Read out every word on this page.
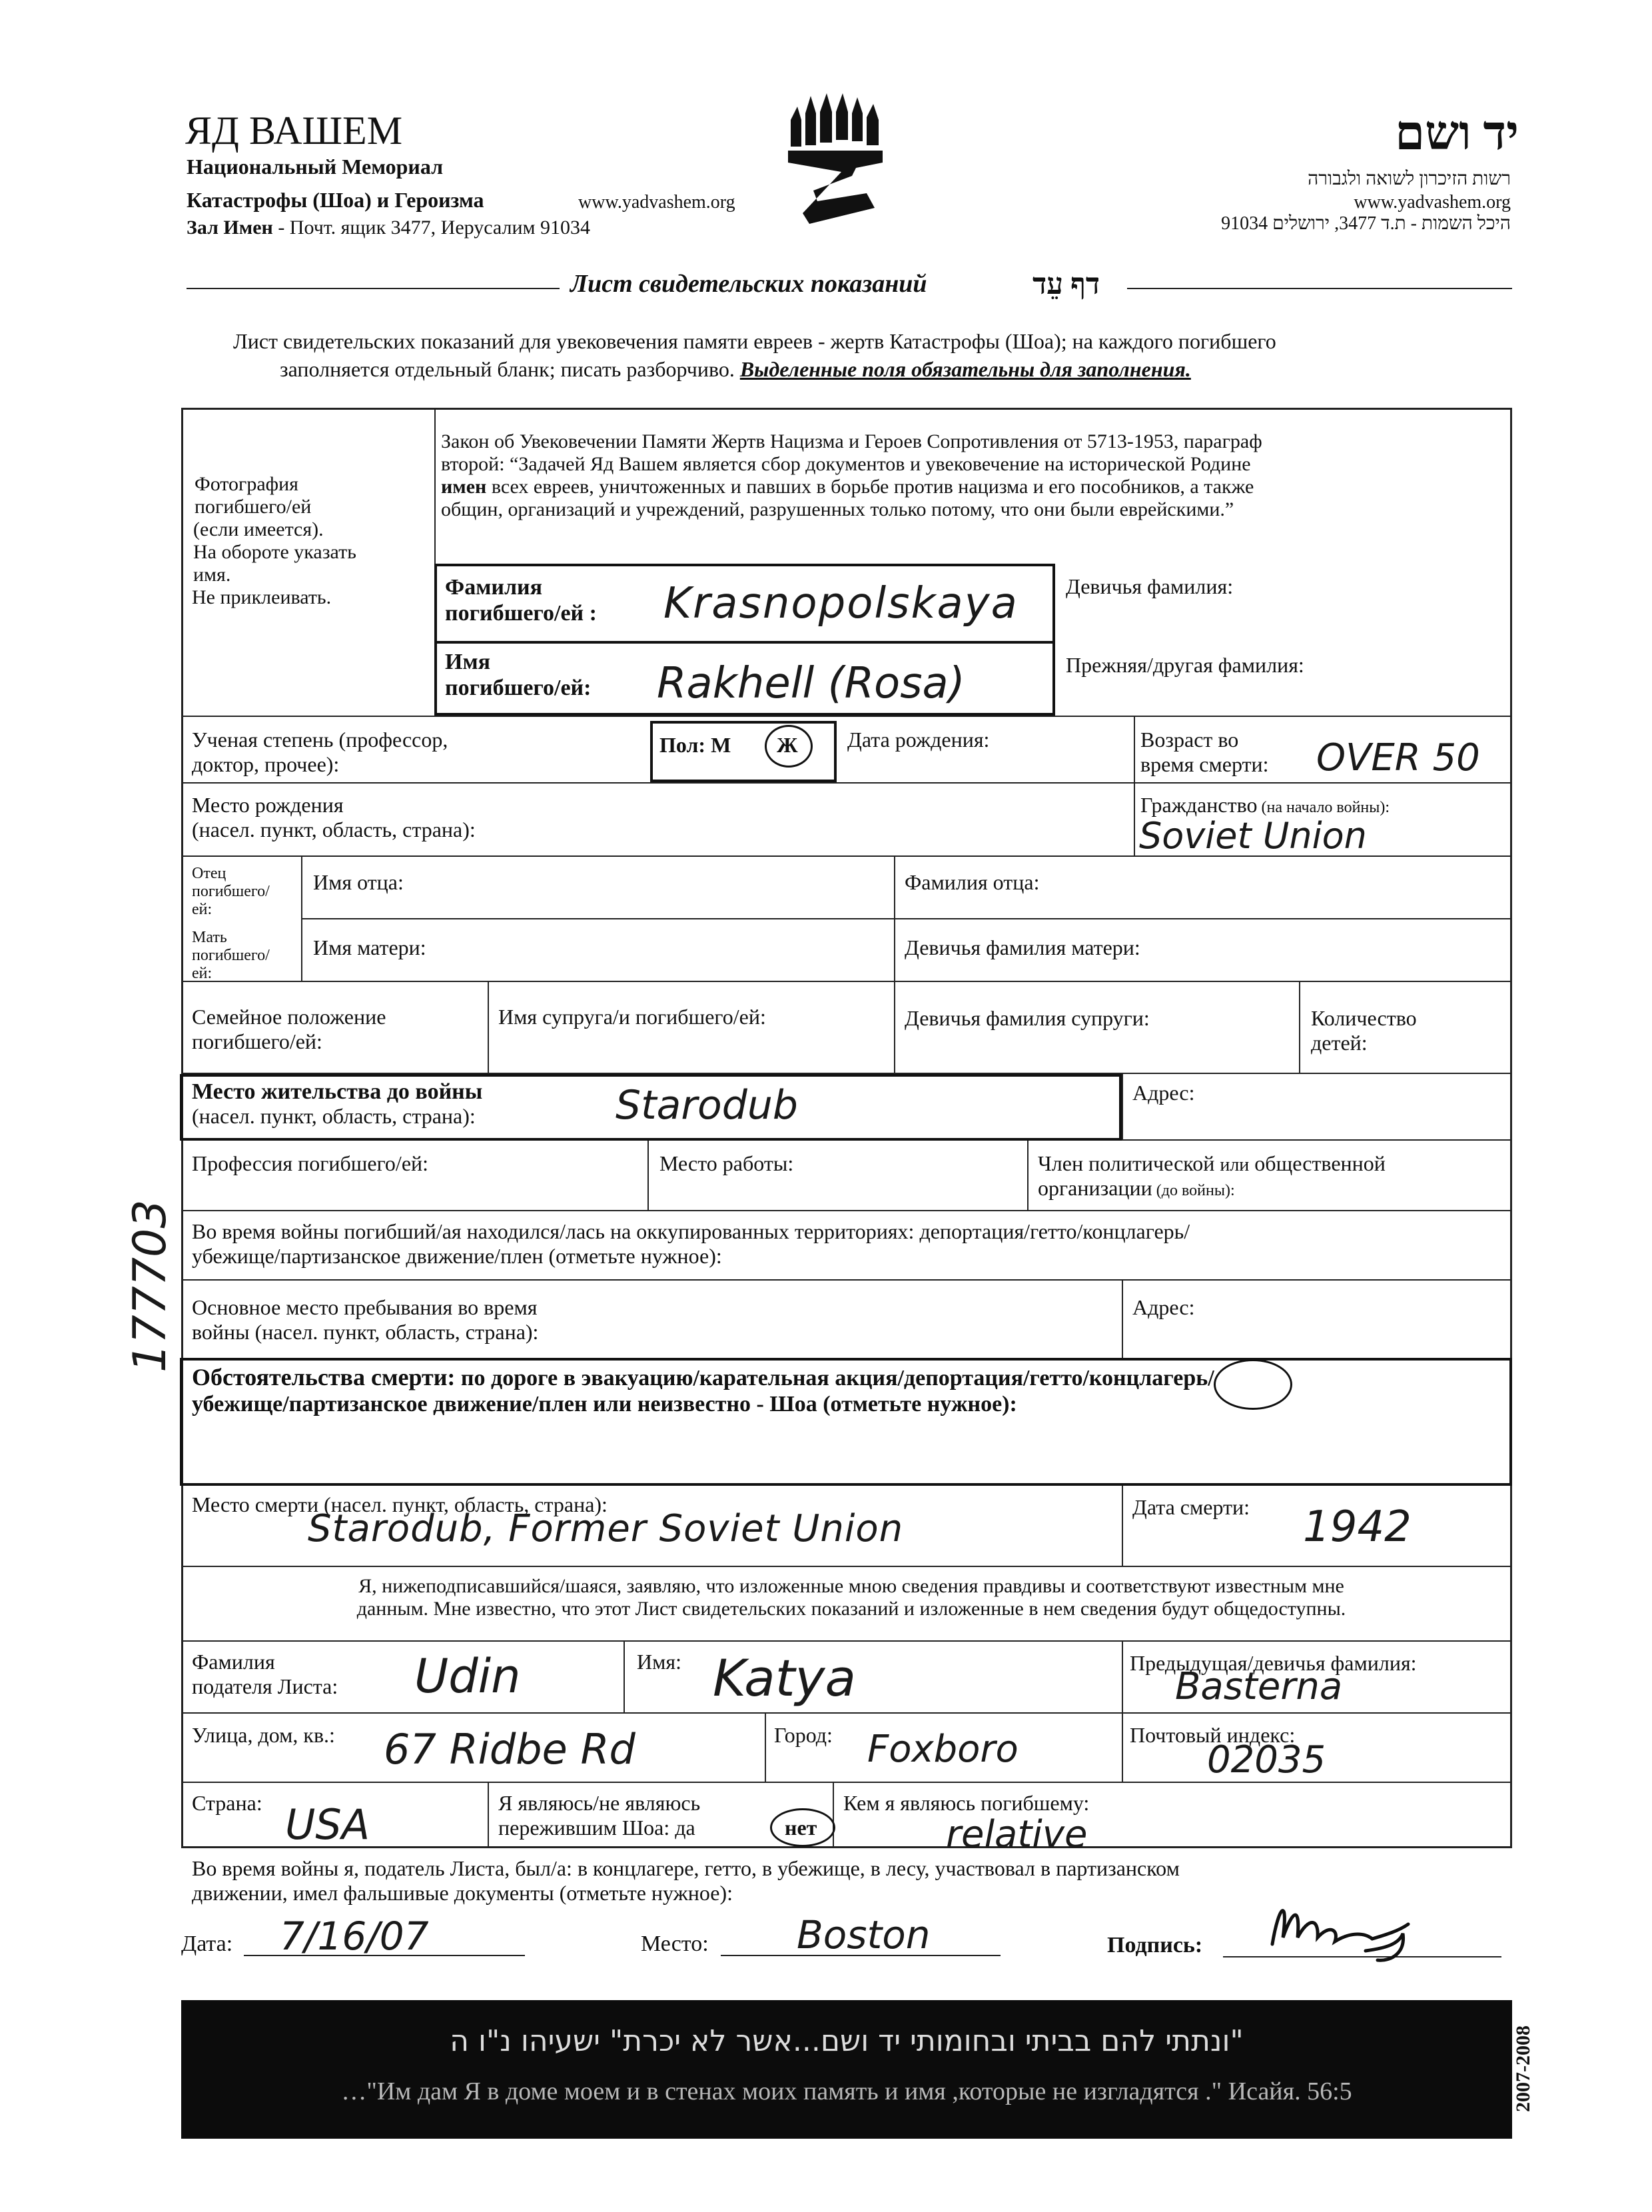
ЯД ВАШЕМ
Национальный Мемориал
Катастрофы (Шоа) и Героизма	www.yadvashem.org
Зал Имен - Почт. ящик 3477, Иерусалим 91034
יד ושם
רשות הזיכרון לשואה ולגבורה
www.yadvashem.org
היכל השמות - ת.ד 3477, ירושלים 91034
Лист свидетельских показаний	דף עֵד
Лист свидетельских показаний для увековечения памяти евреев - жертв Катастрофы (Шоа); на каждого погибшего
заполняется отдельный бланк; писать разборчиво. Выделенные поля обязательны для заполнения.
Фотография
погибшего/ей
(если имеется).
На обороте указать
имя.
Не приклеивать.
Закон об Увековечении Памяти Жертв Нацизма и Героев Сопротивления от 5713-1953, параграф
второй: “Задачей Яд Вашем является сбор документов и увековечение на исторической Родине
имен всех евреев, уничтоженных и павших в борьбе против нацизма и его пособников, а также
общин, организаций и учреждений, разрушенных только потому, что они были еврейскими.”
Фамилия
погибшего/ей : Krasnopolskaya Девичья фамилия:
Имя
погибшего/ей: Rakhell (Rosa)	Прежняя/другая фамилия:
Ученая степень (профессор,
доктор, прочее):
Пол: М Ж Дата рождения:	Возраст во
время смерти: OVER 50
Место рождения
(насел. пункт, область, страна):
Гражданство (на начало войны):
Soviet Union
Отец
погибшего/
ей:
Имя отца:	Фамилия отца:
Мать
погибшего/
ей:
Имя матери:	Девичья фамилия матери:
Семейное положение
погибшего/ей:
Имя супруга/и погибшего/ей:	Девичья фамилия супруги:	Количество
детей:
Место жительства до войны
(насел. пункт, область, страна):	Starodub	Адрес:
Профессия погибшего/ей:	Место работы:	Член политической или общественной
организации (до войны):
Во время войны погибший/ая находился/лась на оккупированных территориях: депортация/гетто/концлагерь/
убежище/партизанское движение/плен (отметьте нужное):
Основное место пребывания во время
войны (насел. пункт, область, страна):
Адрес:
Обстоятельства смерти: по дороге в эвакуацию/карательная акция/депортация/гетто/концлагерь/
убежище/партизанское движение/плен или неизвестно - Шоа (отметьте нужное):
Место смерти (насел. пункт, область, страна):
Starodub, Former Soviet Union	Дата смерти: 1942
177703
Я, нижеподписавшийся/шаяся, заявляю, что изложенные мною сведения правдивы и соответствуют известным мне
данным. Мне известно, что этот Лист свидетельских показаний и изложенные в нем сведения будут общедоступны.
Фамилия
подателя Листа: Udin	Имя: Katya	Предыдущая/девичья фамилия:
Basterna
Улица, дом, кв.: 67 Ridbe Rd	Город: Foxboro	Почтовый индекс:
02035
Страна: USA	Я являюсь/не являюсь
пережившим Шоа: да	нет
Кем я являюсь погибшему:
relative
Во время войны я, податель Листа, был/а: в концлагере, гетто, в убежище, в лесу, участвовал в партизанском
движении, имел фальшивые документы (отметьте нужное):
Дата: 7/16/07	Место: Boston	Подпись:
"ונתתי להם בביתי ובחומותי יד ושם...אשר לא יכרת" ישעיהו נ"ו ה
…"Им дам Я в доме моем и в стенах моих память и имя ,которые не изгладятся ." Исайя. 56:5	2007-2008
